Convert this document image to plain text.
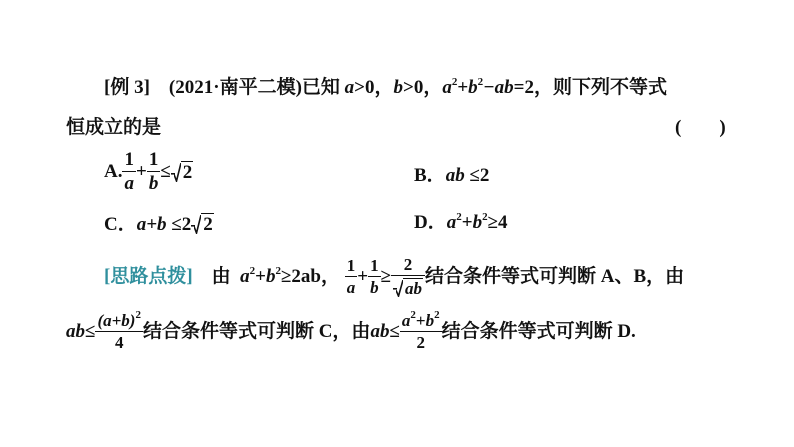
[例 3] (2021·南平二模)已知 a>0，b>0，$a^2+b^2-ab=2$，则下列不等式
恒成立的是	(　　)
A. $\frac{1}{a} + \frac{1}{b} \le 2$	B．ab ≤2
C．a+b ≤2 2	D．$a^2+b^2\ge 4$
[思路点拨] 由 $a^2+b^2\ge 2ab$， $\frac{1}{a} + \frac{1}{b} \ge \frac{2}{ab}$ 结合条件等式可判断 A、B，由
$ab\le \frac{(a+b)^2}{4}$ 结合条件等式可判断 C，由$ab\le \frac{a^2+b^2}{2}$ 结合条件等式可判断 D.
